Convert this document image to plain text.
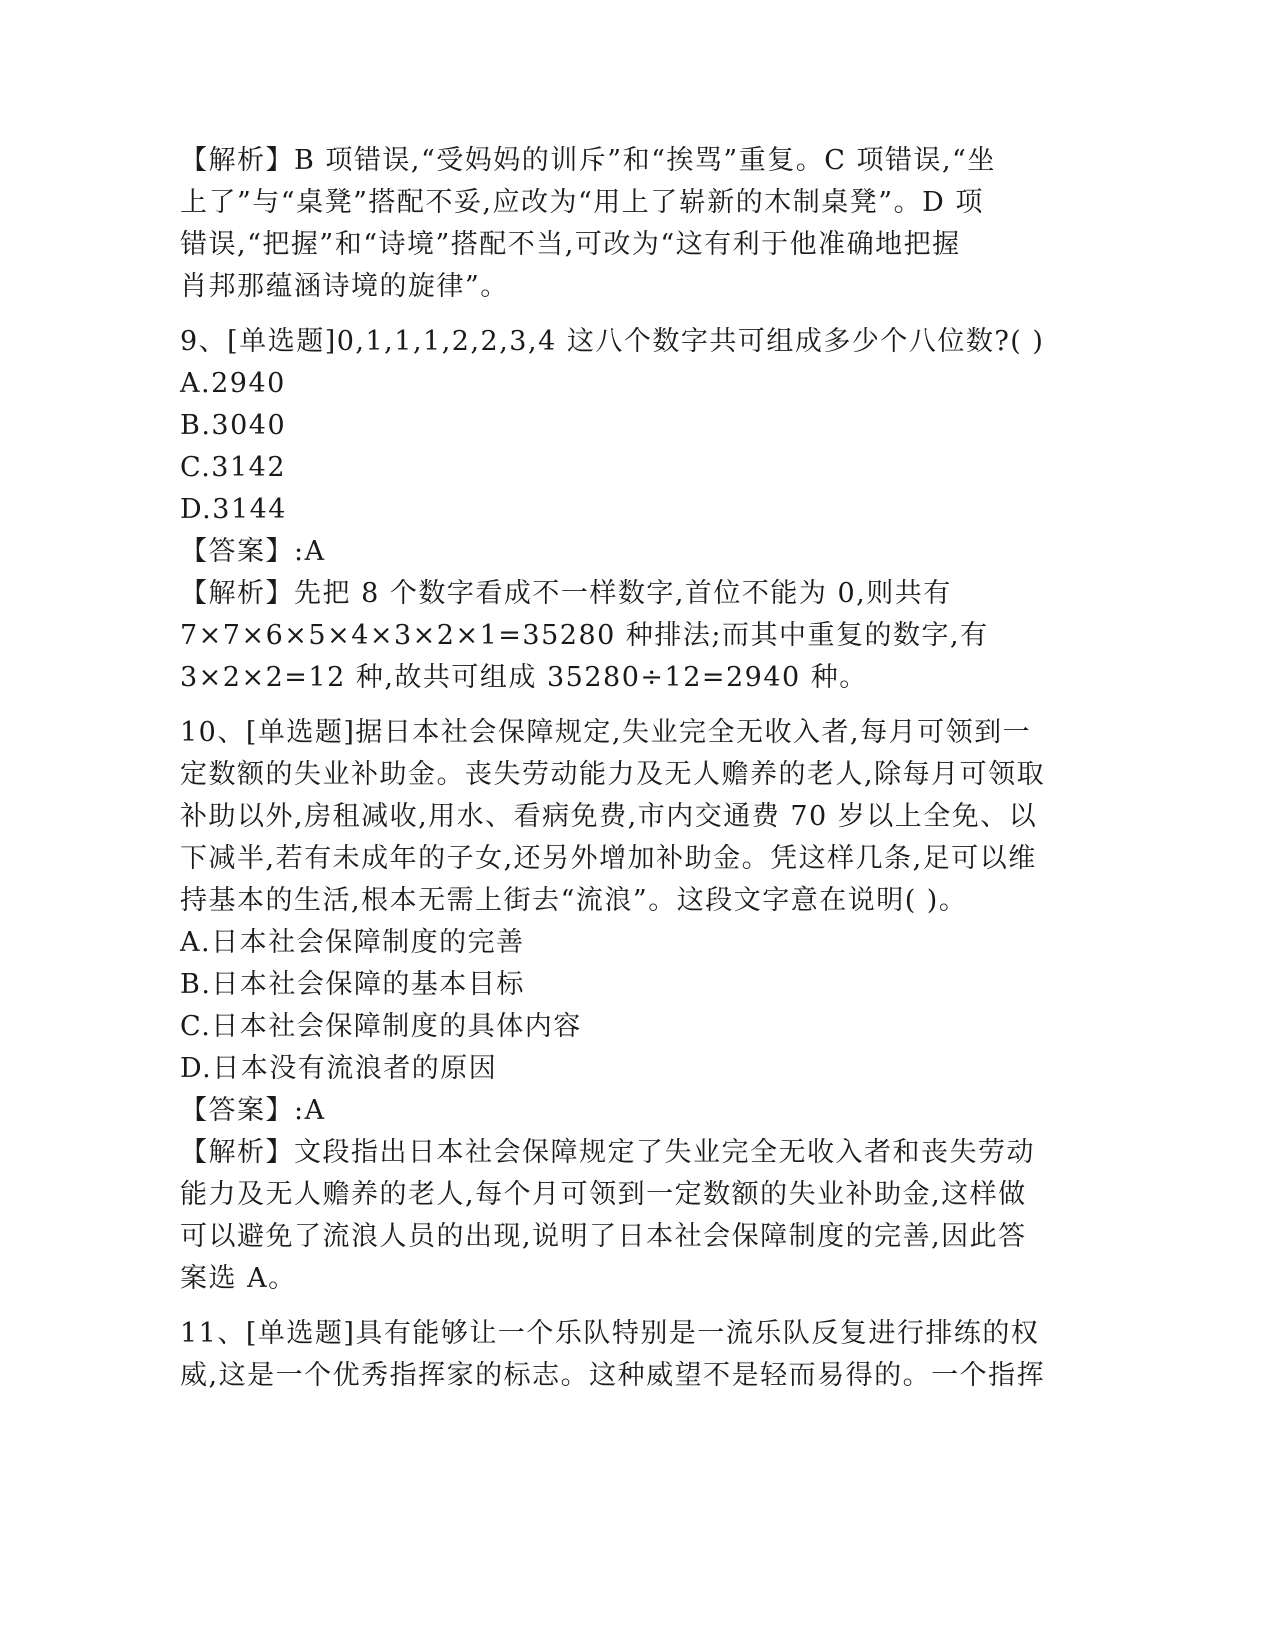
【解析】B 项错误,“受妈妈的训斥”和“挨骂”重复。C 项错误,“坐
上了”与“桌凳”搭配不妥,应改为“用上了崭新的木制桌凳”。D 项
错误,“把握”和“诗境”搭配不当,可改为“这有利于他准确地把握
肖邦那蕴涵诗境的旋律”。
9、[单选题]0,1,1,1,2,2,3,4 这八个数字共可组成多少个八位数?( )
A.2940
B.3040
C.3142
D.3144
【答案】:A
【解析】先把 8 个数字看成不一样数字,首位不能为 0,则共有
7×7×6×5×4×3×2×1=35280 种排法;而其中重复的数字,有
3×2×2=12 种,故共可组成 35280÷12=2940 种。
10、[单选题]据日本社会保障规定,失业完全无收入者,每月可领到一
定数额的失业补助金。丧失劳动能力及无人赡养的老人,除每月可领取
补助以外,房租减收,用水、看病免费,市内交通费 70 岁以上全免、以
下减半,若有未成年的子女,还另外增加补助金。凭这样几条,足可以维
持基本的生活,根本无需上街去“流浪”。这段文字意在说明( )。
A.日本社会保障制度的完善
B.日本社会保障的基本目标
C.日本社会保障制度的具体内容
D.日本没有流浪者的原因
【答案】:A
【解析】文段指出日本社会保障规定了失业完全无收入者和丧失劳动
能力及无人赡养的老人,每个月可领到一定数额的失业补助金,这样做
可以避免了流浪人员的出现,说明了日本社会保障制度的完善,因此答
案选 A。
11、[单选题]具有能够让一个乐队特别是一流乐队反复进行排练的权
威,这是一个优秀指挥家的标志。这种威望不是轻而易得的。一个指挥
